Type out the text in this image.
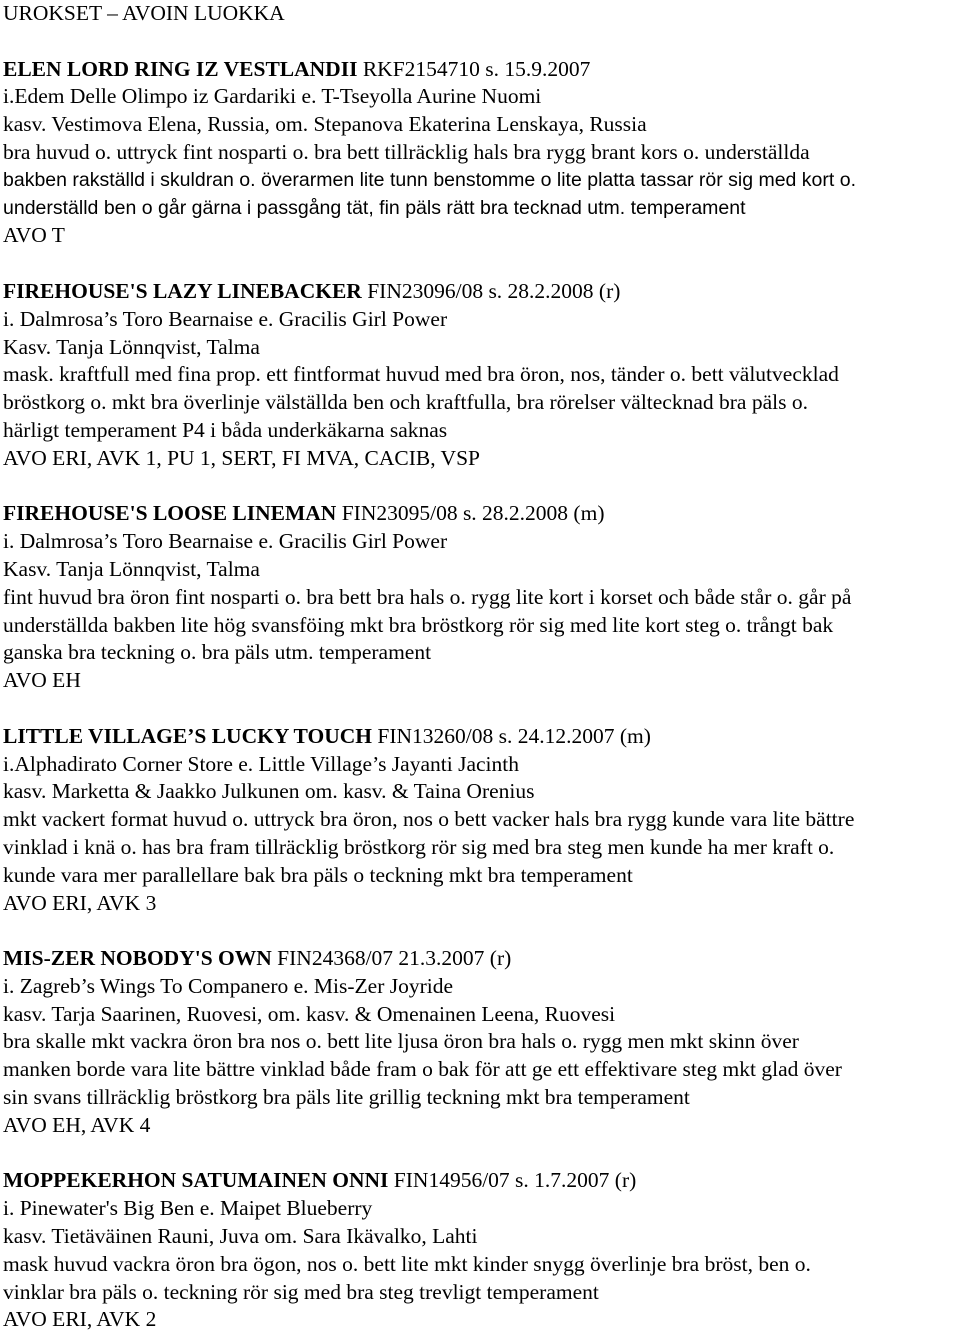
UROKSET – AVOIN LUOKKA
ELEN LORD RING IZ VESTLANDII RKF2154710 s. 15.9.2007
i.Edem Delle Olimpo iz Gardariki e. T-Tseyolla Aurine Nuomi
kasv. Vestimova Elena, Russia, om. Stepanova Ekaterina Lenskaya, Russia
bra huvud o. uttryck fint nosparti o. bra bett tillräcklig hals bra rygg brant kors o. underställda
bakben rakställd i skuldran o. överarmen lite tunn benstomme o lite platta tassar rör sig med kort o.
underställd ben o går gärna i passgång tät, fin päls rätt bra tecknad utm. temperament
AVO T
FIREHOUSE'S LAZY LINEBACKER FIN23096/08 s. 28.2.2008 (r)
i. Dalmrosa’s Toro Bearnaise e. Gracilis Girl Power
Kasv. Tanja Lönnqvist, Talma
mask. kraftfull med fina prop. ett fintformat huvud med bra öron, nos, tänder o. bett välutvecklad
bröstkorg o. mkt bra överlinje välställda ben och kraftfulla, bra rörelser vältecknad bra päls o.
härligt temperament P4 i båda underkäkarna saknas
AVO ERI, AVK 1, PU 1, SERT, FI MVA, CACIB, VSP
FIREHOUSE'S LOOSE LINEMAN FIN23095/08 s. 28.2.2008 (m)
i. Dalmrosa’s Toro Bearnaise e. Gracilis Girl Power
Kasv. Tanja Lönnqvist, Talma
fint huvud bra öron fint nosparti o. bra bett bra hals o. rygg lite kort i korset och både står o. går på
underställda bakben lite hög svansföing mkt bra bröstkorg rör sig med lite kort steg o. trångt bak
ganska bra teckning o. bra päls utm. temperament
AVO EH
LITTLE VILLAGE’S LUCKY TOUCH FIN13260/08 s. 24.12.2007 (m)
i.Alphadirato Corner Store e. Little Village’s Jayanti Jacinth
kasv. Marketta & Jaakko Julkunen om. kasv. & Taina Orenius
mkt vackert format huvud o. uttryck bra öron, nos o bett vacker hals bra rygg kunde vara lite bättre
vinklad i knä o. has bra fram tillräcklig bröstkorg rör sig med bra steg men kunde ha mer kraft o.
kunde vara mer parallellare bak bra päls o teckning mkt bra temperament
AVO ERI, AVK 3
MIS-ZER NOBODY'S OWN FIN24368/07 21.3.2007 (r)
i. Zagreb’s Wings To Companero e. Mis-Zer Joyride
kasv. Tarja Saarinen, Ruovesi, om. kasv. & Omenainen Leena, Ruovesi
bra skalle mkt vackra öron bra nos o. bett lite ljusa öron bra hals o. rygg men mkt skinn över
manken borde vara lite bättre vinklad både fram o bak för att ge ett effektivare steg mkt glad över
sin svans tillräcklig bröstkorg bra päls lite grillig teckning mkt bra temperament
AVO EH, AVK 4
MOPPEKERHON SATUMAINEN ONNI FIN14956/07 s. 1.7.2007 (r)
i. Pinewater's Big Ben e. Maipet Blueberry
kasv. Tietäväinen Rauni, Juva om. Sara Ikävalko, Lahti
mask huvud vackra öron bra ögon, nos o. bett lite mkt kinder snygg överlinje bra bröst, ben o.
vinklar bra päls o. teckning rör sig med bra steg trevligt temperament
AVO ERI, AVK 2
